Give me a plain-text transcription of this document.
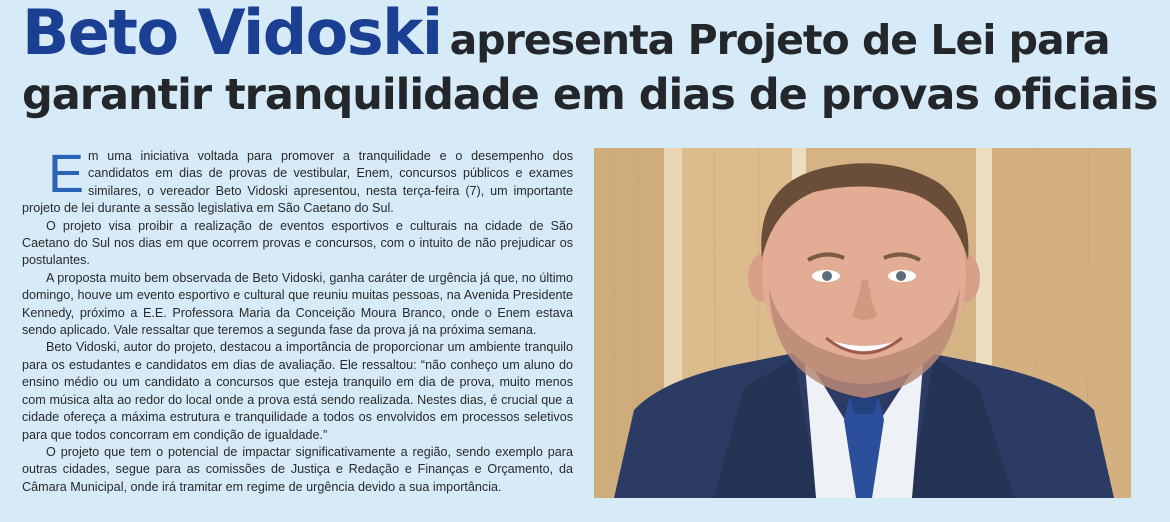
Beto Vidoski apresenta Projeto de Lei para
garantir tranquilidade em dias de provas oficiais

Em uma iniciativa voltada para promover a tranquilidade e o desempenho dos candidatos em dias de provas de vestibular, Enem, concursos públicos e exames similares, o vereador Beto Vidoski apresentou, nesta terça-feira (7), um importante projeto de lei durante a sessão legislativa em São Caetano do Sul.

O projeto visa proibir a realização de eventos esportivos e culturais na cidade de São Caetano do Sul nos dias em que ocorrem provas e concursos, com o intuito de não prejudicar os postulantes.

A proposta muito bem observada de Beto Vidoski, ganha caráter de urgência já que, no último domingo, houve um evento esportivo e cultural que reuniu muitas pessoas, na Avenida Presidente Kennedy, próximo a E.E. Professora Maria da Conceição Moura Branco, onde o Enem estava sendo aplicado. Vale ressaltar que teremos a segunda fase da prova já na próxima semana.

Beto Vidoski, autor do projeto, destacou a importância de proporcionar um ambiente tranquilo para os estudantes e candidatos em dias de avaliação. Ele ressaltou: “não conheço um aluno do ensino médio ou um candidato a concursos que esteja tranquilo em dia de prova, muito menos com música alta ao redor do local onde a prova está sendo realizada. Nestes dias, é crucial que a cidade ofereça a máxima estrutura e tranquilidade a todos os envolvidos em processos seletivos para que todos concorram em condição de igualdade.”

O projeto que tem o potencial de impactar significativamente a região, sendo exemplo para outras cidades, segue para as comissões de Justiça e Redação e Finanças e Orçamento, da Câmara Municipal, onde irá tramitar em regime de urgência devido a sua importância.
